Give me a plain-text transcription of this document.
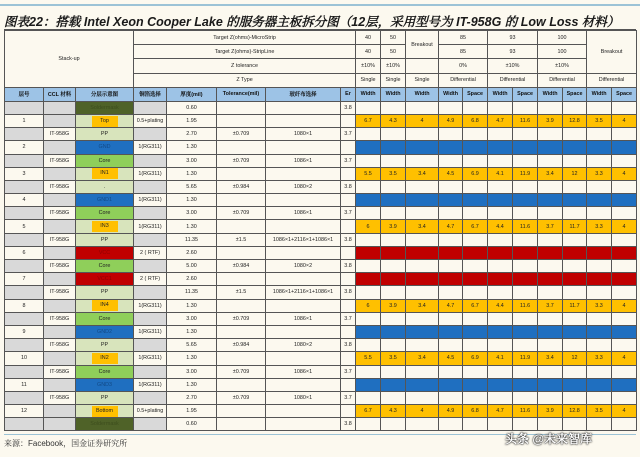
图表22：搭载 Intel Xeon Cooper Lake 的服务器主板拆分图（12层，采用型号为 IT-958G 的 Low Loss 材料）
Stack-up			Target Z(ohms)-MicroStrip					40	50	Breakout	85		93		100		Breakout	
			Target Z(ohms)-StripLine					40	50		85		93		100			
			Z tolerance					±10%	±10%		0%		±10%		±10%			
			Z Type					Single	Single	Single	Differential		Differential		Differential		Differential	
层号	CCL 材料	分层示意图	铜箔选择	厚度(mil)	Tolerance(mil)	玻纤布选择	Er	Width	Width	Width	Width	Space	Width	Space	Width	Space	Width	Space
		Soldermask		0.60			3.8											
1		Top	0.5+plating	1.95				6.7	4.3	4	4.9	6.8	4.7	11.6	3.9	12.8	3.5	4
	IT-958G	PP		2.70	±0.709	1080×1	3.7											
2		GND	1(RG311)	1.30														
	IT-958G	Core		3.00	±0.709	1086×1	3.7											
3		IN1	1(RG311)	1.30				5.5	3.5	3.4	4.5	6.9	4.1	11.9	3.4	12	3.3	4
	IT-958G	.		5.65	±0.984	1080×2	3.8											
4		GND1	1(RG311)	1.30														
	IT-958G	Core		3.00	±0.709	1086×1	3.7											
5		IN3	1(RG311)	1.30				6	3.9	3.4	4.7	6.7	4.4	11.6	3.7	11.7	3.3	4
	IT-958G	PP		11.35	±1.5	1086×1+2116×1+1086×1	3.8											
6		VCC	2 ( RTF)	2.60														
	IT-958G	Core		5.00	±0.984	1080×2	3.8											
7		VCC1	2 ( RTF)	2.60														
	IT-958G	PP		11.35	±1.5	1086×1+2116×1+1086×1	3.8											
8		IN4	1(RG311)	1.30				6	3.9	3.4	4.7	6.7	4.4	11.6	3.7	11.7	3.3	4
	IT-958G	Core		3.00	±0.709	1086×1	3.7											
9		GND2	1(RG311)	1.30														
	IT-958G	PP		5.65	±0.984	1080×2	3.8											
10		IN2	1(RG311)	1.30				5.5	3.5	3.4	4.5	6.9	4.1	11.9	3.4	12	3.3	4
	IT-958G	Core		3.00	±0.709	1086×1	3.7											
11		GND3	1(RG311)	1.30														
	IT-958G	PP		2.70	±0.709	1080×1	3.7											
12		Bottom	0.5+plating	1.95				6.7	4.3	4	4.9	6.8	4.7	11.6	3.9	12.8	3.5	4
		Soldermask		0.60			3.8											
来源：Facebook，国金证券研究所	头条 @未来智库
